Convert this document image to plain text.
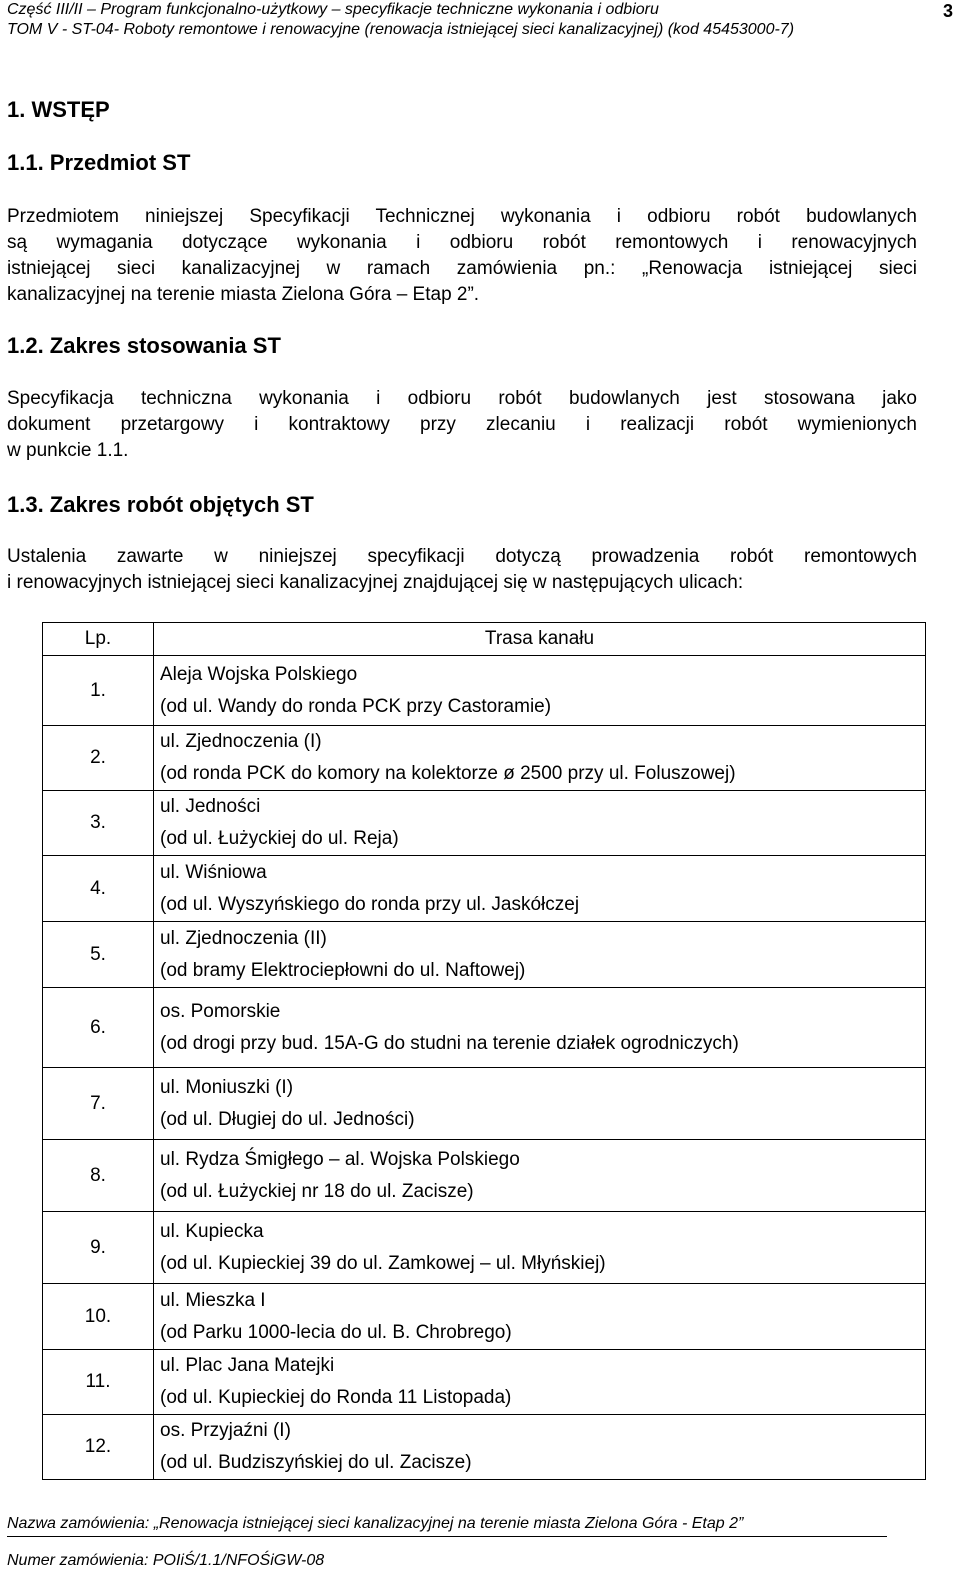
Część III/II – Program funkcjonalno-użytkowy – specyfikacje techniczne wykonania i odbioru
TOM V - ST-04- Roboty remontowe i renowacyjne (renowacja istniejącej sieci kanalizacyjnej) (kod 45453000-7)
3
1. WSTĘP
1.1. Przedmiot ST
Przedmiotem niniejszej Specyfikacji Technicznej wykonania i odbioru robót budowlanych
są wymagania dotyczące wykonania i odbioru robót remontowych i renowacyjnych
istniejącej sieci kanalizacyjnej w ramach zamówienia pn.: „Renowacja istniejącej sieci
kanalizacyjnej na terenie miasta Zielona Góra – Etap 2”.
1.2. Zakres stosowania ST
Specyfikacja techniczna wykonania i odbioru robót budowlanych jest stosowana jako
dokument przetargowy i kontraktowy przy zlecaniu i realizacji robót wymienionych
w punkcie 1.1.
1.3. Zakres robót objętych ST
Ustalenia zawarte w niniejszej specyfikacji dotyczą prowadzenia robót remontowych
i renowacyjnych istniejącej sieci kanalizacyjnej znajdującej się w następujących ulicach:
Lp.	Trasa kanału
1.	Aleja Wojska Polskiego
(od ul. Wandy do ronda PCK przy Castoramie)

2.	ul. Zjednoczenia (I)
(od ronda PCK do komory na kolektorze ø 2500 przy ul. Foluszowej)

3.	ul. Jedności
(od ul. Łużyckiej do ul. Reja)

4.	ul. Wiśniowa
(od ul. Wyszyńskiego do ronda przy ul. Jaskółczej

5.	ul. Zjednoczenia (II)
(od bramy Elektrociepłowni do ul. Naftowej)

6.	os. Pomorskie
(od drogi przy bud. 15A-G do studni na terenie działek ogrodniczych)

7.	ul. Moniuszki (I)
(od ul. Długiej do ul. Jedności)

8.	ul. Rydza Śmigłego – al. Wojska Polskiego
(od ul. Łużyckiej nr 18 do ul. Zacisze)

9.	ul. Kupiecka
(od ul. Kupieckiej 39 do ul. Zamkowej – ul. Młyńskiej)

10.	ul. Mieszka I
(od Parku 1000-lecia do ul. B. Chrobrego)

11.	ul. Plac Jana Matejki
(od ul. Kupieckiej do Ronda 11 Listopada)

12.	os. Przyjaźni (I)
(od ul. Budziszyńskiej do ul. Zacisze)
Nazwa zamówienia: „Renowacja istniejącej sieci kanalizacyjnej na terenie miasta Zielona Góra - Etap 2”
Numer zamówienia: POIiŚ/1.1/NFOŚiGW-08
